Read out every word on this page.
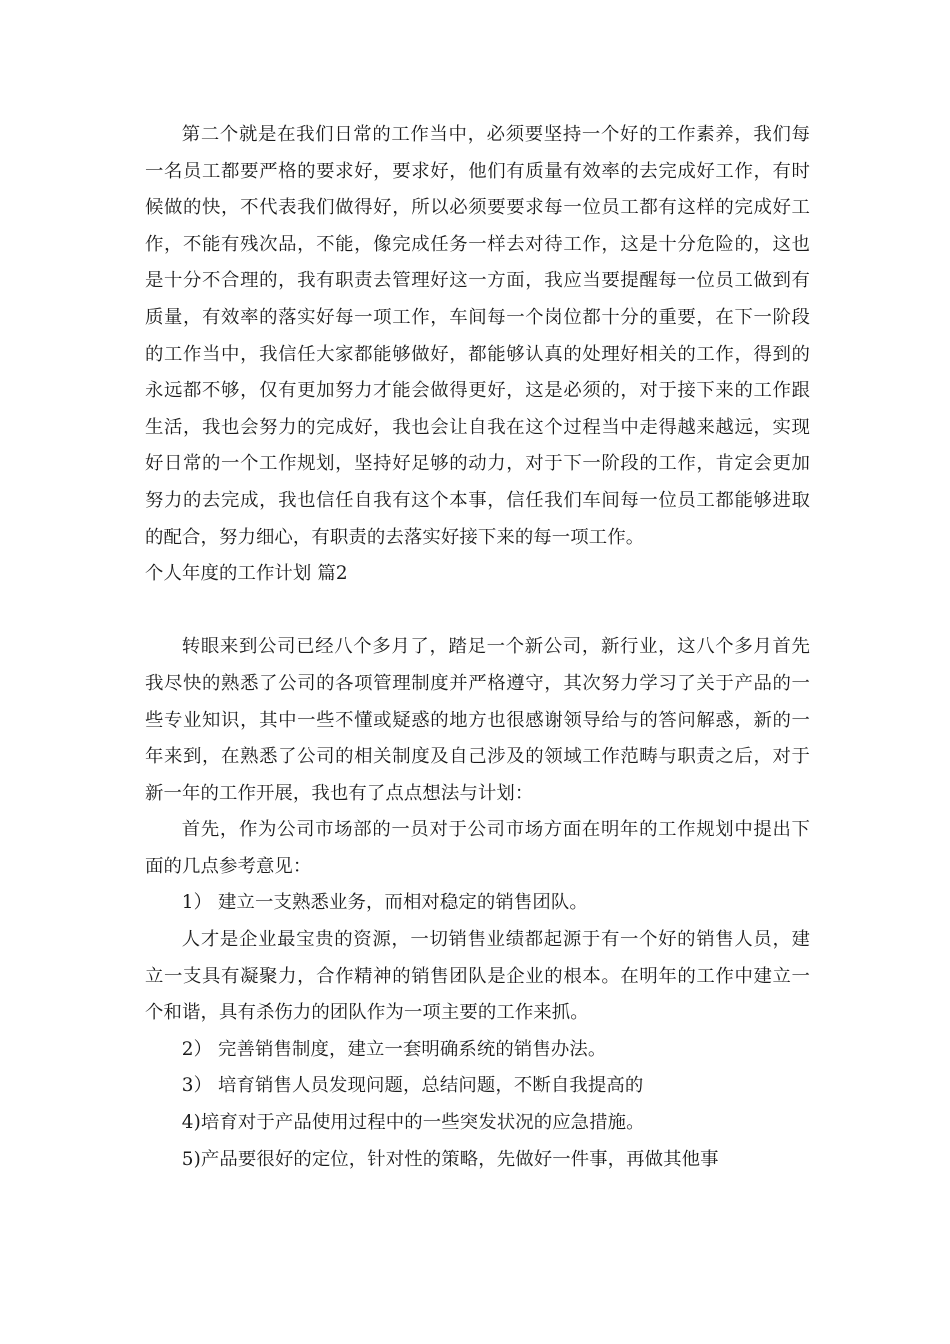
第二个就是在我们日常的工作当中，必须要坚持一个好的工作素养，我们每一名员工都要严格的要求好，要求好，他们有质量有效率的去完成好工作，有时候做的快，不代表我们做得好，所以必须要要求每一位员工都有这样的完成好工作，不能有残次品，不能，像完成任务一样去对待工作，这是十分危险的，这也是十分不合理的，我有职责去管理好这一方面，我应当要提醒每一位员工做到有质量，有效率的落实好每一项工作，车间每一个岗位都十分的重要，在下一阶段的工作当中，我信任大家都能够做好，都能够认真的处理好相关的工作，得到的永远都不够，仅有更加努力才能会做得更好，这是必须的，对于接下来的工作跟生活，我也会努力的完成好，我也会让自我在这个过程当中走得越来越远，实现好日常的一个工作规划，坚持好足够的动力，对于下一阶段的工作，肯定会更加努力的去完成，我也信任自我有这个本事，信任我们车间每一位员工都能够进取的配合，努力细心，有职责的去落实好接下来的每一项工作。

个人年度的工作计划 篇2

转眼来到公司已经八个多月了，踏足一个新公司，新行业，这八个多月首先我尽快的熟悉了公司的各项管理制度并严格遵守，其次努力学习了关于产品的一些专业知识，其中一些不懂或疑惑的地方也很感谢领导给与的答问解惑，新的一年来到，在熟悉了公司的相关制度及自己涉及的领域工作范畴与职责之后，对于新一年的工作开展，我也有了点点想法与计划：

首先，作为公司市场部的一员对于公司市场方面在明年的工作规划中提出下面的几点参考意见：

1） 建立一支熟悉业务，而相对稳定的销售团队。

人才是企业最宝贵的资源，一切销售业绩都起源于有一个好的销售人员，建立一支具有凝聚力，合作精神的销售团队是企业的根本。在明年的工作中建立一个和谐，具有杀伤力的团队作为一项主要的工作来抓。

2） 完善销售制度，建立一套明确系统的销售办法。

3） 培育销售人员发现问题，总结问题，不断自我提高的

4)培育对于产品使用过程中的一些突发状况的应急措施。

5)产品要很好的定位，针对性的策略，先做好一件事，再做其他事
